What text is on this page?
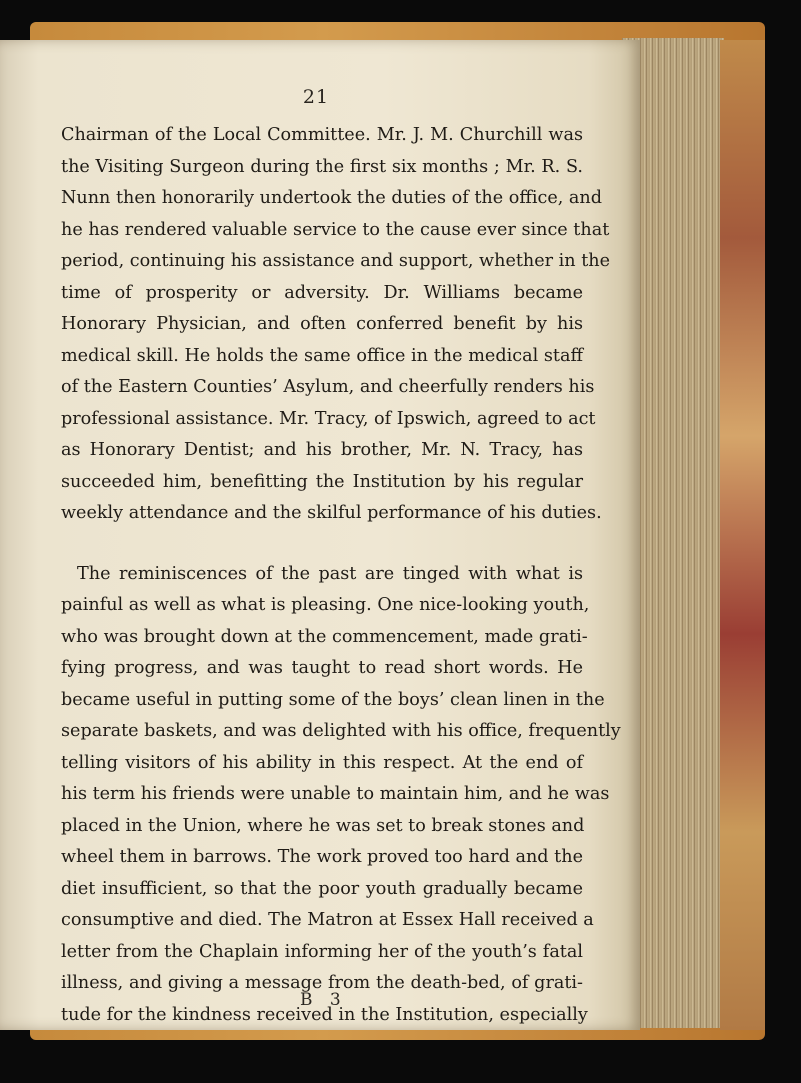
21
Chairman of the Local Committee. Mr. J. M. Churchill was
the Visiting Surgeon during the first six months ; Mr. R. S.
Nunn then honorarily undertook the duties of the office, and
he has rendered valuable service to the cause ever since that
period, continuing his assistance and support, whether in the
time of prosperity or adversity. Dr. Williams became
Honorary Physician, and often conferred benefit by his
medical skill. He holds the same office in the medical staff
of the Eastern Counties’ Asylum, and cheerfully renders his
professional assistance. Mr. Tracy, of Ipswich, agreed to act
as Honorary Dentist; and his brother, Mr. N. Tracy, has
succeeded him, benefitting the Institution by his regular
weekly attendance and the skilful performance of his duties.
The reminiscences of the past are tinged with what is
painful as well as what is pleasing. One nice-looking youth,
who was brought down at the commencement, made grati-
fying progress, and was taught to read short words. He
became useful in putting some of the boys’ clean linen in the
separate baskets, and was delighted with his office, frequently
telling visitors of his ability in this respect. At the end of
his term his friends were unable to maintain him, and he was
placed in the Union, where he was set to break stones and
wheel them in barrows. The work proved too hard and the
diet insufficient, so that the poor youth gradually became
consumptive and died. The Matron at Essex Hall received a
letter from the Chaplain informing her of the youth’s fatal
illness, and giving a message from the death-bed, of grati-
tude for the kindness received in the Institution, especially
B 3
